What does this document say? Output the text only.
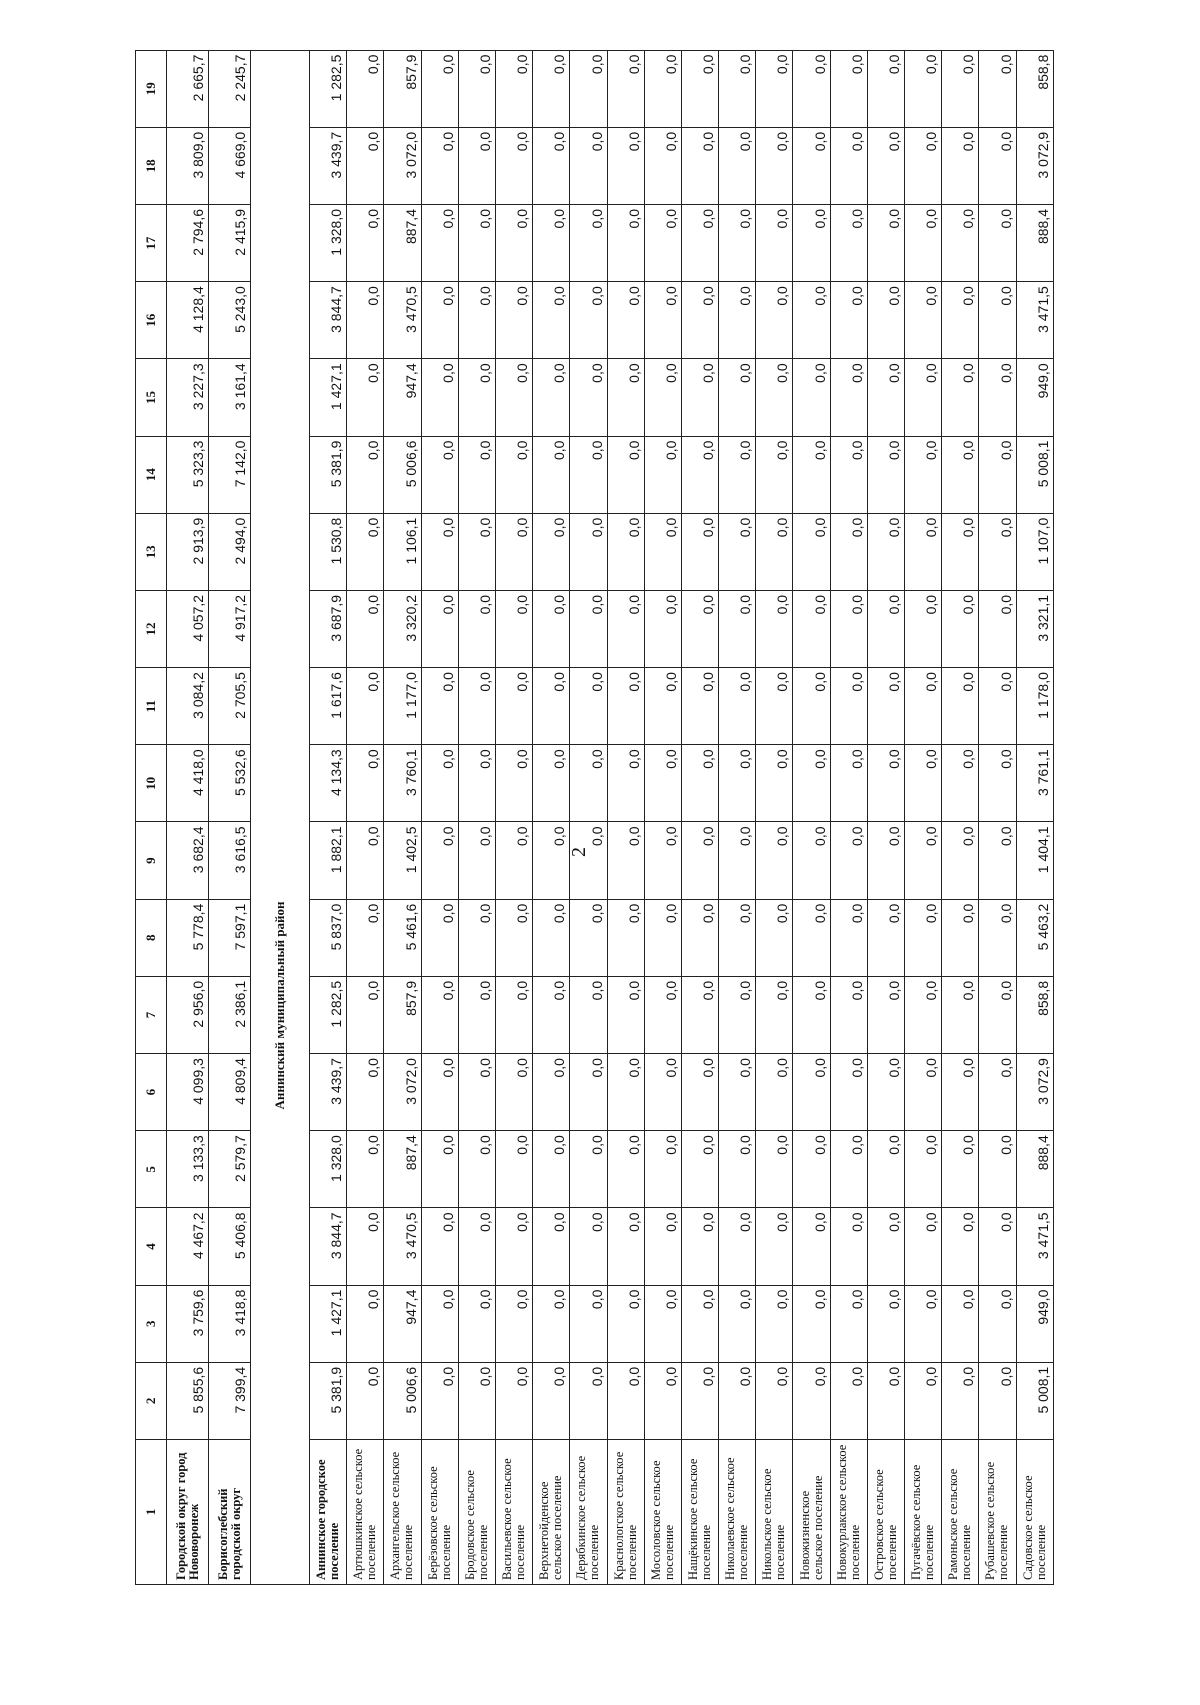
2
1	2	3	4	5	6	7	8	9	10	11	12	13	14	15	16	17	18	19
Городской округ город Нововоронеж	5 855,6	3 759,6	4 467,2	3 133,3	4 099,3	2 956,0	5 778,4	3 682,4	4 418,0	3 084,2	4 057,2	2 913,9	5 323,3	3 227,3	4 128,4	2 794,6	3 809,0	2 665,7
Борисоглебский городской округ	7 399,4	3 418,8	5 406,8	2 579,7	4 809,4	2 386,1	7 597,1	3 616,5	5 532,6	2 705,5	4 917,2	2 494,0	7 142,0	3 161,4	5 243,0	2 415,9	4 669,0	2 245,7
	Аннинский муниципальный район																	
Аннинское городское поселение	5 381,9	1 427,1	3 844,7	1 328,0	3 439,7	1 282,5	5 837,0	1 882,1	4 134,3	1 617,6	3 687,9	1 530,8	5 381,9	1 427,1	3 844,7	1 328,0	3 439,7	1 282,5
Артюшкинское сельское поселение	0,0	0,0	0,0	0,0	0,0	0,0	0,0	0,0	0,0	0,0	0,0	0,0	0,0	0,0	0,0	0,0	0,0	0,0
Архангельское сельское поселение	5 006,6	947,4	3 470,5	887,4	3 072,0	857,9	5 461,6	1 402,5	3 760,1	1 177,0	3 320,2	1 106,1	5 006,6	947,4	3 470,5	887,4	3 072,0	857,9
Берёзовское сельское поселение	0,0	0,0	0,0	0,0	0,0	0,0	0,0	0,0	0,0	0,0	0,0	0,0	0,0	0,0	0,0	0,0	0,0	0,0
Бродовское сельское поселение	0,0	0,0	0,0	0,0	0,0	0,0	0,0	0,0	0,0	0,0	0,0	0,0	0,0	0,0	0,0	0,0	0,0	0,0
Васильевское сельское поселение	0,0	0,0	0,0	0,0	0,0	0,0	0,0	0,0	0,0	0,0	0,0	0,0	0,0	0,0	0,0	0,0	0,0	0,0
Верхнетойденское сельское поселение	0,0	0,0	0,0	0,0	0,0	0,0	0,0	0,0	0,0	0,0	0,0	0,0	0,0	0,0	0,0	0,0	0,0	0,0
Дерябкинское сельское поселение	0,0	0,0	0,0	0,0	0,0	0,0	0,0	0,0	0,0	0,0	0,0	0,0	0,0	0,0	0,0	0,0	0,0	0,0
Краснологское сельское поселение	0,0	0,0	0,0	0,0	0,0	0,0	0,0	0,0	0,0	0,0	0,0	0,0	0,0	0,0	0,0	0,0	0,0	0,0
Мосоловское сельское поселение	0,0	0,0	0,0	0,0	0,0	0,0	0,0	0,0	0,0	0,0	0,0	0,0	0,0	0,0	0,0	0,0	0,0	0,0
Нащёкинское сельское поселение	0,0	0,0	0,0	0,0	0,0	0,0	0,0	0,0	0,0	0,0	0,0	0,0	0,0	0,0	0,0	0,0	0,0	0,0
Николаевское сельское поселение	0,0	0,0	0,0	0,0	0,0	0,0	0,0	0,0	0,0	0,0	0,0	0,0	0,0	0,0	0,0	0,0	0,0	0,0
Никольское сельское поселение	0,0	0,0	0,0	0,0	0,0	0,0	0,0	0,0	0,0	0,0	0,0	0,0	0,0	0,0	0,0	0,0	0,0	0,0
Новожизненское сельское поселение	0,0	0,0	0,0	0,0	0,0	0,0	0,0	0,0	0,0	0,0	0,0	0,0	0,0	0,0	0,0	0,0	0,0	0,0
Новокурлакское сельское поселение	0,0	0,0	0,0	0,0	0,0	0,0	0,0	0,0	0,0	0,0	0,0	0,0	0,0	0,0	0,0	0,0	0,0	0,0
Островское сельское поселение	0,0	0,0	0,0	0,0	0,0	0,0	0,0	0,0	0,0	0,0	0,0	0,0	0,0	0,0	0,0	0,0	0,0	0,0
Пугачёвское сельское поселение	0,0	0,0	0,0	0,0	0,0	0,0	0,0	0,0	0,0	0,0	0,0	0,0	0,0	0,0	0,0	0,0	0,0	0,0
Рамоньское сельское поселение	0,0	0,0	0,0	0,0	0,0	0,0	0,0	0,0	0,0	0,0	0,0	0,0	0,0	0,0	0,0	0,0	0,0	0,0
Рубашевское сельское поселение	0,0	0,0	0,0	0,0	0,0	0,0	0,0	0,0	0,0	0,0	0,0	0,0	0,0	0,0	0,0	0,0	0,0	0,0
Садовское сельское поселение	5 008,1	949,0	3 471,5	888,4	3 072,9	858,8	5 463,2	1 404,1	3 761,1	1 178,0	3 321,1	1 107,0	5 008,1	949,0	3 471,5	888,4	3 072,9	858,8
